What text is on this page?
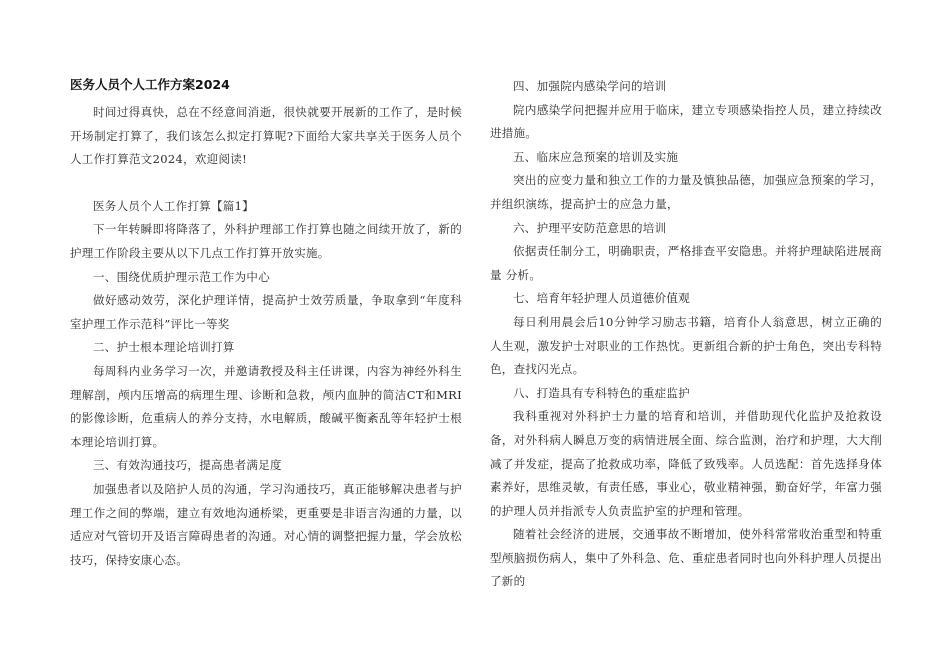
医务人员个人工作方案2024

时间过得真快，总在不经意间消逝，很快就要开展新的工作了，是时候开场制定打算了，我们该怎么拟定打算呢?下面给大家共享关于医务人员个人工作打算范文2024，欢迎阅读!

医务人员个人工作打算【篇1】

下一年转瞬即将降落了，外科护理部工作打算也随之间续开放了，新的护理工作阶段主要从以下几点工作打算开放实施。

一、围绕优质护理示范工作为中心

做好感动效劳，深化护理详情，提高护士效劳质量，争取拿到“年度科室护理工作示范科”评比一等奖

二、护士根本理论培训打算

每周科内业务学习一次，并邀请教授及科主任讲课，内容为神经外科生理解剖，颅内压增高的病理生理、诊断和急救，颅内血肿的简洁CT和MRI的影像诊断，危重病人的养分支持，水电解质，酸碱平衡紊乱等年轻护士根本理论培训打算。

三、有效沟通技巧，提高患者满足度

加强患者以及陪护人员的沟通，学习沟通技巧，真正能够解决患者与护理工作之间的弊端，建立有效地沟通桥梁，更重要是非语言沟通的力量，以适应对气管切开及语言障碍患者的沟通。对心情的调整把握力量，学会放松技巧，保持安康心态。

四、加强院内感染学问的培训

院内感染学问把握并应用于临床，建立专项感染指控人员，建立持续改进措施。

五、临床应急预案的培训及实施

突出的应变力量和独立工作的力量及慎独品德，加强应急预案的学习，并组织演练，提高护士的应急力量，

六、护理平安防范意思的培训

依据责任制分工，明确职责，严格排查平安隐患。并将护理缺陷进展商量 分析。

七、培育年轻护理人员道德价值观

每日利用晨会后10分钟学习励志书籍，培育仆人翁意思，树立正确的人生观，激发护士对职业的工作热忱。更新组合新的护士角色，突出专科特色，查找闪光点。

八、打造具有专科特色的重症监护

我科重视对外科护士力量的培育和培训，并借助现代化监护及抢救设备，对外科病人瞬息万变的病情进展全面、综合监测，治疗和护理，大大削减了并发症，提高了抢救成功率，降低了致残率。人员选配：首先选择身体素养好，思维灵敏，有责任感，事业心，敬业精神强，勤奋好学，年富力强的护理人员并指派专人负责监护室的护理和管理。

随着社会经济的进展，交通事故不断增加，使外科常常收治重型和特重型颅脑损伤病人，集中了外科急、危、重症患者同时也向外科护理人员提出了新的
